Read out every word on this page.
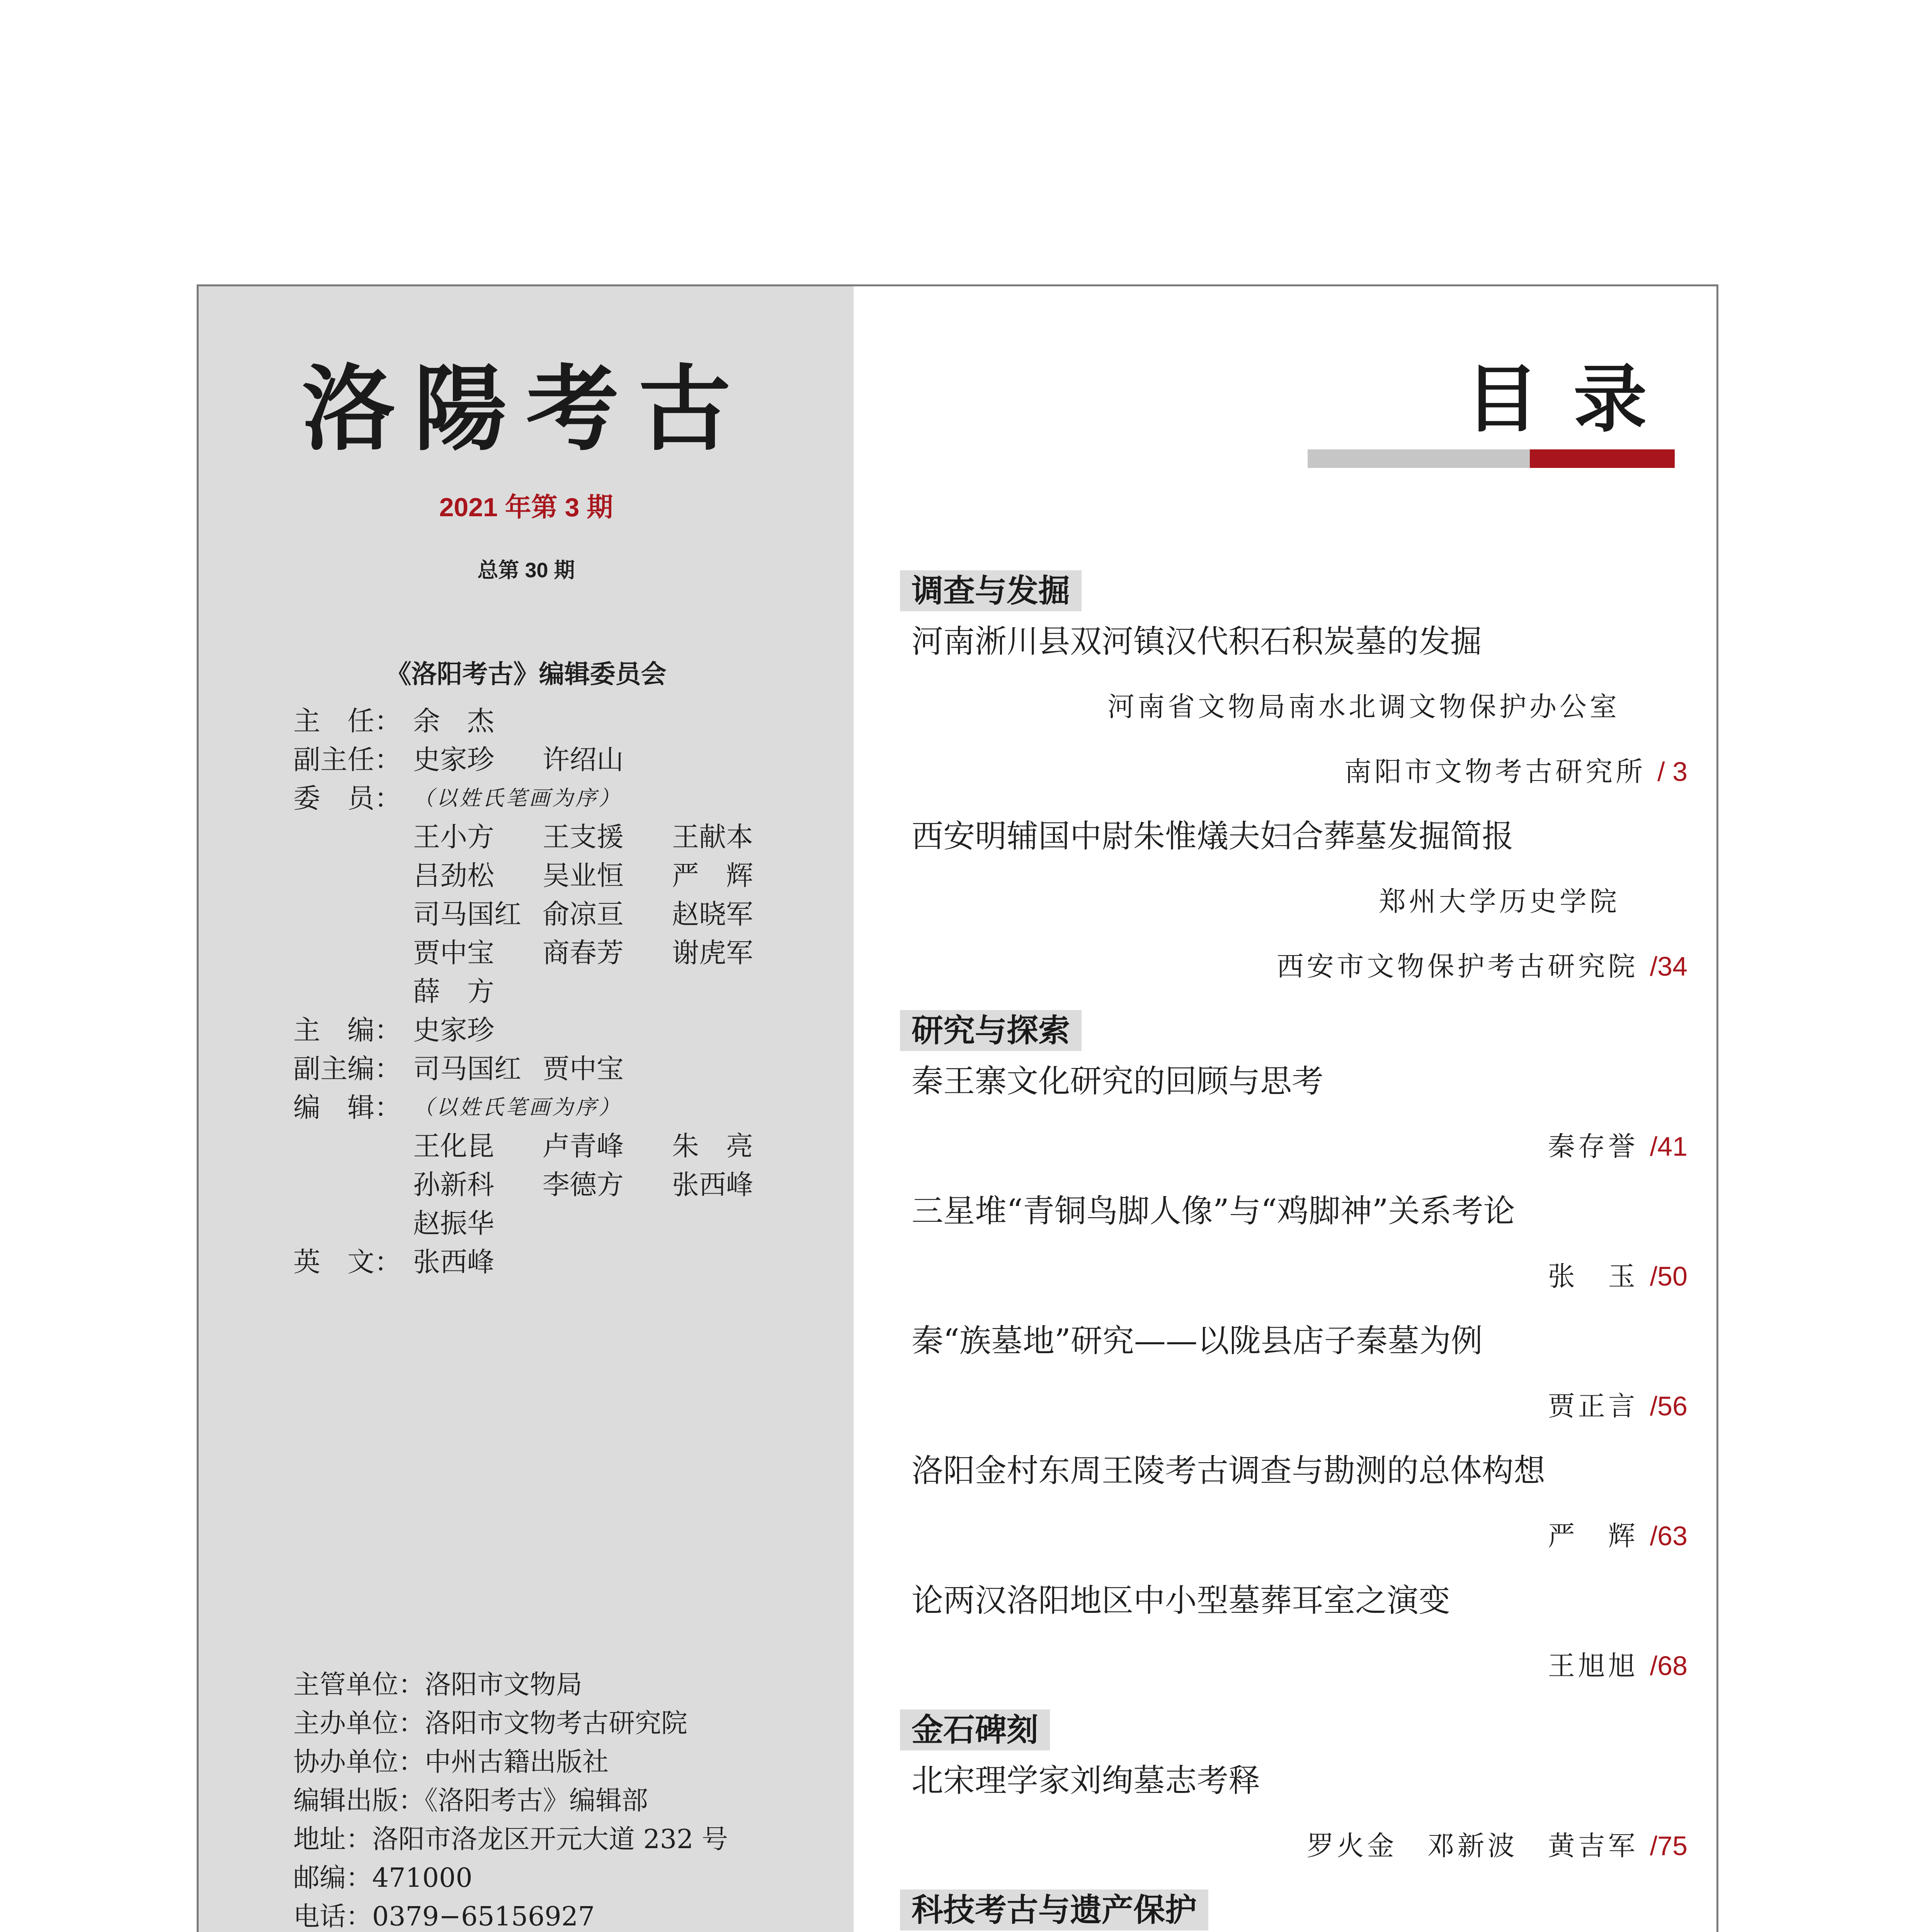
洛陽考古
2021 年第 3 期
总第 30 期
《洛阳考古》编辑委员会
主　任： 余　杰
副主任： 史家珍	许绍山
委　员： （以姓氏笔画为序）
王小方	王支援	王献本
吕劲松	吴业恒	严　辉
司马国红 俞凉亘	赵晓军
贾中宝	商春芳	谢虎军
薛　方
主　编： 史家珍
副主编： 司马国红 贾中宝
编　辑： （以姓氏笔画为序）
王化昆	卢青峰	朱　亮
孙新科	李德方	张西峰
赵振华
英　文： 张西峰
主管单位：洛阳市文物局
主办单位：洛阳市文物考古研究院
协办单位：中州古籍出版社
编辑出版：《洛阳考古》编辑部
地址：洛阳市洛龙区开元大道 232 号
邮编：471000
电话：0379−65156927

目录
调查与发掘
河南淅川县双河镇汉代积石积炭墓的发掘
河南省文物局南水北调文物保护办公室
南阳市文物考古研究所 / 3
西安明辅国中尉朱惟燨夫妇合葬墓发掘简报
郑州大学历史学院
西安市文物保护考古研究院 /34
研究与探索
秦王寨文化研究的回顾与思考
秦存誉 /41
三星堆“青铜鸟脚人像”与“鸡脚神”关系考论
张　玉 /50
秦“族墓地”研究——以陇县店子秦墓为例
贾正言 /56
洛阳金村东周王陵考古调查与勘测的总体构想
严　辉 /63
论两汉洛阳地区中小型墓葬耳室之演变
王旭旭 /68
金石碑刻
北宋理学家刘绚墓志考释
罗火金　邓新波　黄吉军 /75
科技考古与遗产保护
